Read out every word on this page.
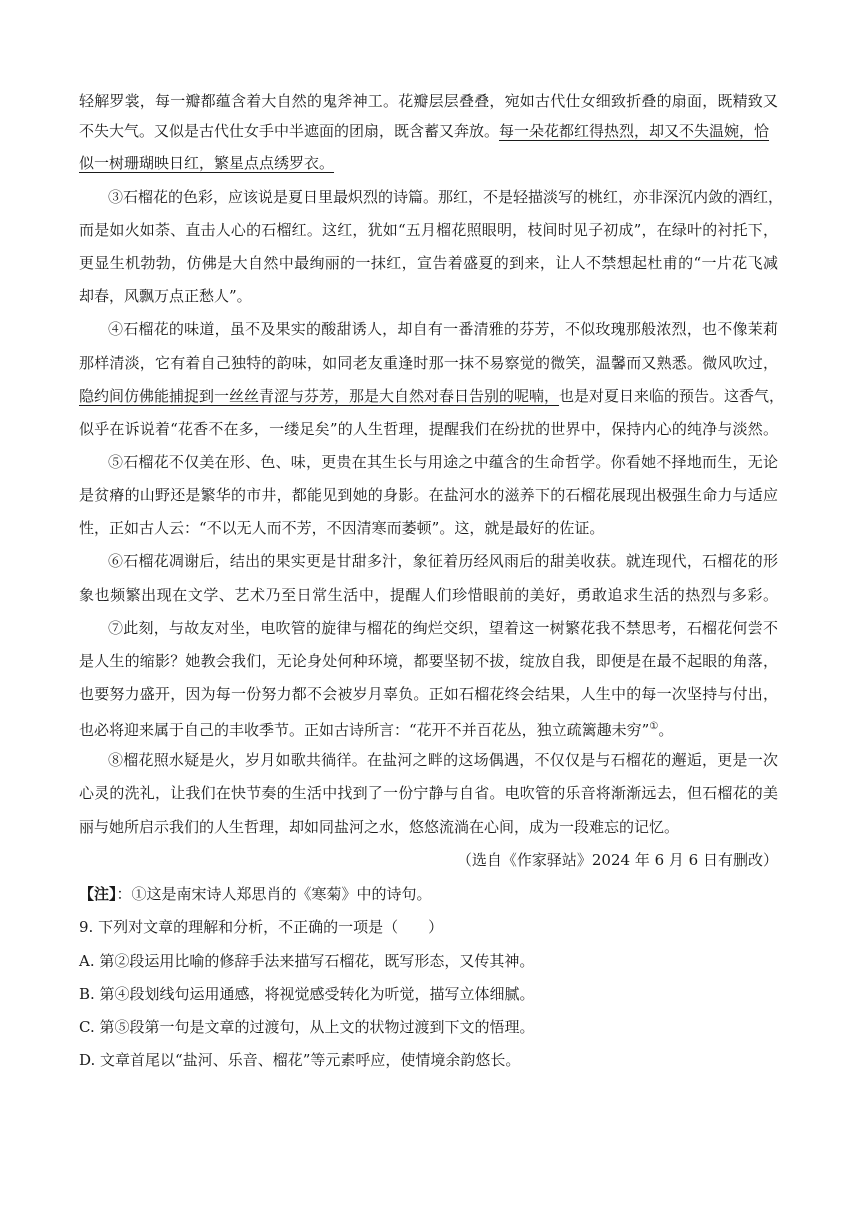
轻解罗裳，每一瓣都蕴含着大自然的鬼斧神工。花瓣层层叠叠，宛如古代仕女细致折叠的扇面，既精致又
不失大气。又似是古代仕女手中半遮面的团扇，既含蓄又奔放。每一朵花都红得热烈，却又不失温婉，恰
似一树珊瑚映日红，繁星点点绣罗衣。
③石榴花的色彩，应该说是夏日里最炽烈的诗篇。那红，不是轻描淡写的桃红，亦非深沉内敛的酒红，
而是如火如荼、直击人心的石榴红。这红，犹如“五月榴花照眼明，枝间时见子初成”，在绿叶的衬托下，
更显生机勃勃，仿佛是大自然中最绚丽的一抹红，宣告着盛夏的到来，让人不禁想起杜甫的“一片花飞减
却春，风飘万点正愁人”。
④石榴花的味道，虽不及果实的酸甜诱人，却自有一番清雅的芬芳，不似玫瑰那般浓烈，也不像茉莉
那样清淡，它有着自己独特的韵味，如同老友重逢时那一抹不易察觉的微笑，温馨而又熟悉。微风吹过，
隐约间仿佛能捕捉到一丝丝青涩与芬芳，那是大自然对春日告别的呢喃，也是对夏日来临的预告。这香气，
似乎在诉说着“花香不在多，一缕足矣”的人生哲理，提醒我们在纷扰的世界中，保持内心的纯净与淡然。
⑤石榴花不仅美在形、色、味，更贵在其生长与用途之中蕴含的生命哲学。你看她不择地而生，无论
是贫瘠的山野还是繁华的市井，都能见到她的身影。在盐河水的滋养下的石榴花展现出极强生命力与适应
性，正如古人云：“不以无人而不芳，不因清寒而萎顿”。这，就是最好的佐证。
⑥石榴花凋谢后，结出的果实更是甘甜多汁，象征着历经风雨后的甜美收获。就连现代，石榴花的形
象也频繁出现在文学、艺术乃至日常生活中，提醒人们珍惜眼前的美好，勇敢追求生活的热烈与多彩。
⑦此刻，与故友对坐，电吹管的旋律与榴花的绚烂交织，望着这一树繁花我不禁思考，石榴花何尝不
是人生的缩影？她教会我们，无论身处何种环境，都要坚韧不拔，绽放自我，即便是在最不起眼的角落，
也要努力盛开，因为每一份努力都不会被岁月辜负。正如石榴花终会结果，人生中的每一次坚持与付出，
也必将迎来属于自己的丰收季节。正如古诗所言：“花开不并百花丛，独立疏篱趣未穷”①。
⑧榴花照水疑是火，岁月如歌共徜徉。在盐河之畔的这场偶遇，不仅仅是与石榴花的邂逅，更是一次
心灵的洗礼，让我们在快节奏的生活中找到了一份宁静与自省。电吹管的乐音将渐渐远去，但石榴花的美
丽与她所启示我们的人生哲理，却如同盐河之水，悠悠流淌在心间，成为一段难忘的记忆。
（选自《作家驿站》2024 年 6 月 6 日有删改）
【注】：①这是南宋诗人郑思肖的《寒菊》中的诗句。
9. 下列对文章的理解和分析，不正确的一项是（　　）
A. 第②段运用比喻的修辞手法来描写石榴花，既写形态，又传其神。
B. 第④段划线句运用通感，将视觉感受转化为听觉，描写立体细腻。
C. 第⑤段第一句是文章的过渡句，从上文的状物过渡到下文的悟理。
D. 文章首尾以“盐河、乐音、榴花”等元素呼应，使情境余韵悠长。
